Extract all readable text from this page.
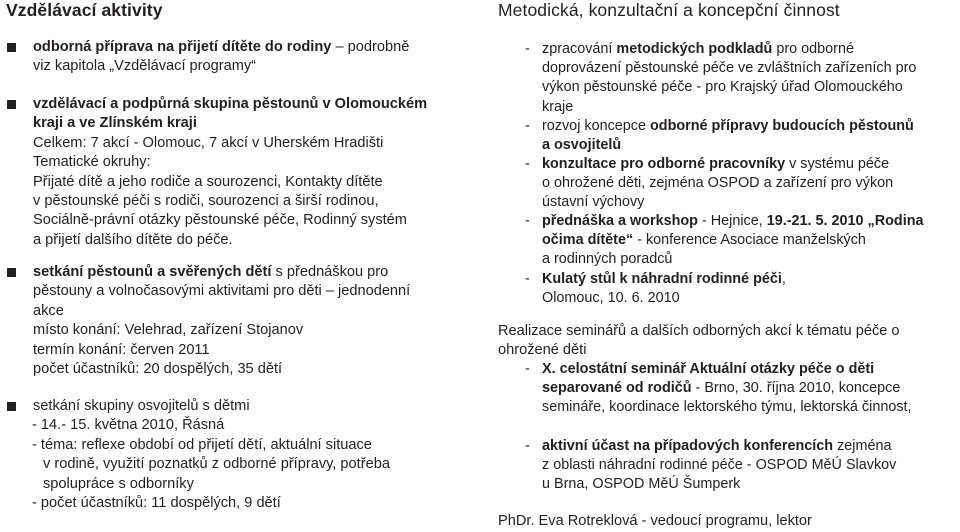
Vzdělávací aktivity
odborná příprava na přijetí dítěte do rodiny – podrobně
viz kapitola „Vzdělávací programy“
vzdělávací a podpůrná skupina pěstounů v Olomouckém
kraji a ve Zlínském kraji
Celkem: 7 akcí - Olomouc, 7 akcí v Uherském Hradišti
Tematické okruhy:
Přijaté dítě a jeho rodiče a sourozenci, Kontakty dítěte
v pěstounské péči s rodiči, sourozenci a širší rodinou,
Sociálně-právní otázky pěstounské péče, Rodinný systém
a přijetí dalšího dítěte do péče.
setkání pěstounů a svěřených dětí s přednáškou pro
pěstouny a volnočasovými aktivitami pro děti – jednodenní
akce
místo konání: Velehrad, zařízení Stojanov
termín konání: červen 2011
počet účastníků: 20 dospělých, 35 dětí
setkání skupiny osvojitelů s dětmi
- 14.- 15. května 2010, Řásná
- téma: reflexe období od přijetí dětí, aktuální situace
v rodině, využití poznatků z odborné přípravy, potřeba
spolupráce s odborníky
- počet účastníků: 11 dospělých, 9 dětí
Metodická, konzultační a koncepční činnost
- zpracování metodických podkladů pro odborné
doprovázení pěstounské péče ve zvláštních zařízeních pro
výkon pěstounské péče - pro Krajský úřad Olomouckého
kraje
- rozvoj koncepce odborné přípravy budoucích pěstounů
a osvojitelů
- konzultace pro odborné pracovníky v systému péče
o ohrožené děti, zejména OSPOD a zařízení pro výkon
ústavní výchovy
- přednáška a workshop - Hejnice, 19.-21. 5. 2010 „Rodina
očima dítěte“ - konference Asociace manželských
a rodinných poradců
- Kulatý stůl k náhradní rodinné péči,
Olomouc, 10. 6. 2010
Realizace seminářů a dalších odborných akcí k tématu péče o
ohrožené děti
- X. celostátní seminář Aktuální otázky péče o děti
separované od rodičů - Brno, 30. října 2010, koncepce
semináře, koordinace lektorského týmu, lektorská činnost,
- aktivní účast na případových konferencích zejména
z oblasti náhradní rodinné péče - OSPOD MěÚ Slavkov
u Brna, OSPOD MěÚ Šumperk
PhDr. Eva Rotreklová - vedoucí programu, lektor
